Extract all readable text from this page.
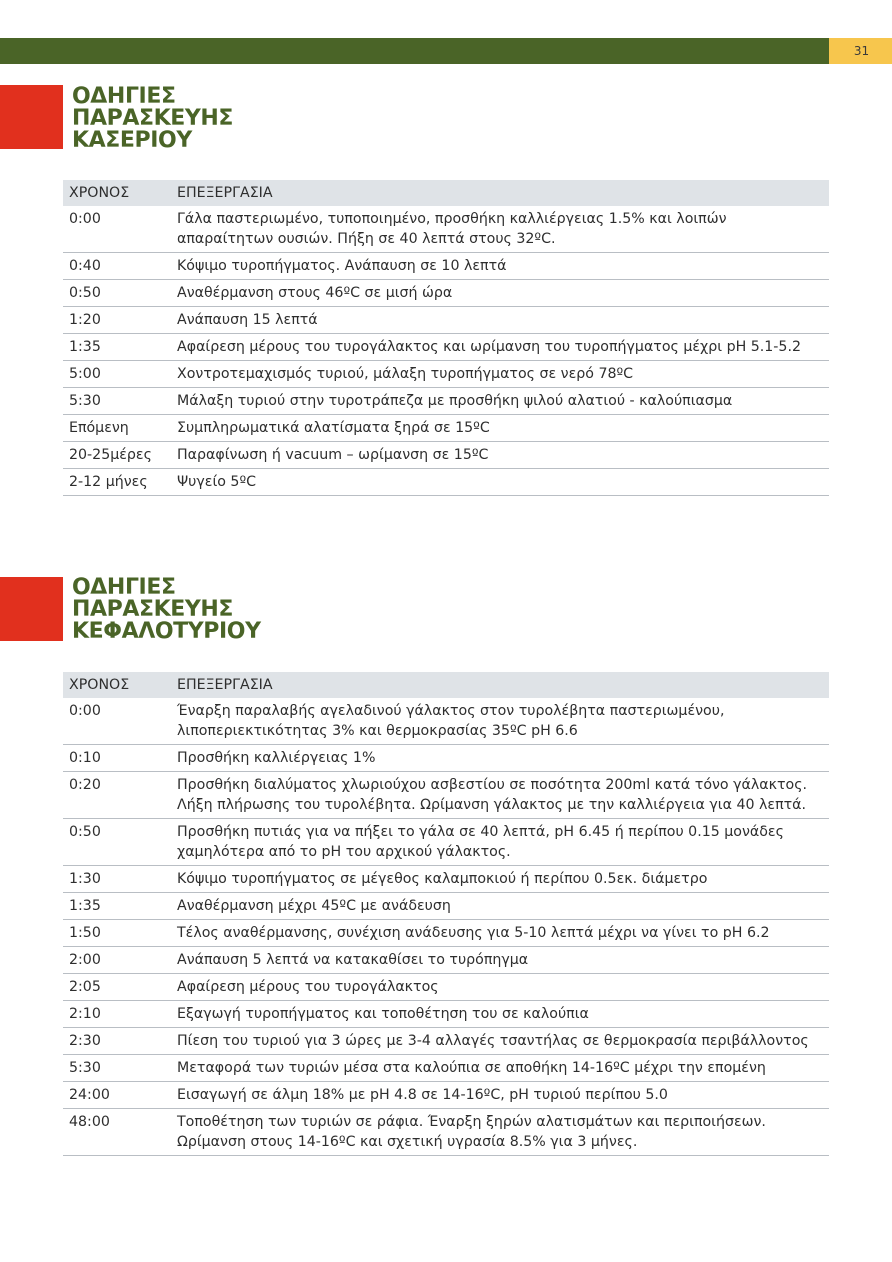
31
ΟΔΗΓΙΕΣ
ΠΑΡΑΣΚΕΥΗΣ
ΚΑΣΕΡΙΟΥ
ΧΡΟΝΟΣ	ΕΠΕΞΕΡΓΑΣΙΑ
0:00	Γάλα παστεριωμένο, τυποποιημένο, προσθήκη καλλιέργειας 1.5% και λοιπών απαραίτητων ουσιών. Πήξη σε 40 λεπτά στους 32ºC.
0:40	Κόψιμο τυροπήγματος. Ανάπαυση σε 10 λεπτά
0:50	Αναθέρμανση στους 46ºC σε μισή ώρα
1:20	Ανάπαυση 15 λεπτά
1:35	Αφαίρεση μέρους του τυρογάλακτος και ωρίμανση του τυροπήγματος μέχρι pH 5.1-5.2
5:00	Χοντροτεμαχισμός τυριού, μάλαξη τυροπήγματος σε νερό 78ºC
5:30	Μάλαξη τυριού στην τυροτράπεζα με προσθήκη ψιλού αλατιού - καλούπιασμα
Επόμενη	Συμπληρωματικά αλατίσματα ξηρά σε 15ºC
20-25μέρες	Παραφίνωση ή vacuum – ωρίμανση σε 15ºC
2-12 μήνες	Ψυγείο 5ºC
ΟΔΗΓΙΕΣ
ΠΑΡΑΣΚΕΥΗΣ
ΚΕΦΑΛΟΤΥΡΙΟΥ
ΧΡΟΝΟΣ	ΕΠΕΞΕΡΓΑΣΙΑ
0:00	Έναρξη παραλαβής αγελαδινού γάλακτος στον τυρολέβητα παστεριωμένου, λιποπεριεκτικότητας 3% και θερμοκρασίας 35ºC pH 6.6
0:10	Προσθήκη καλλιέργειας 1%
0:20	Προσθήκη διαλύματος χλωριούχου ασβεστίου σε ποσότητα 200ml κατά τόνο γάλακτος. Λήξη πλήρωσης του τυρολέβητα. Ωρίμανση γάλακτος με την καλλιέργεια για 40 λεπτά.
0:50	Προσθήκη πυτιάς για να πήξει το γάλα σε 40 λεπτά, pH 6.45 ή περίπου 0.15 μονάδες χαμηλότερα από το pH του αρχικού γάλακτος.
1:30	Κόψιμο τυροπήγματος σε μέγεθος καλαμποκιού ή περίπου 0.5εκ. διάμετρο
1:35	Αναθέρμανση μέχρι 45ºC με ανάδευση
1:50	Τέλος αναθέρμανσης, συνέχιση ανάδευσης για 5-10 λεπτά μέχρι να γίνει το pH 6.2
2:00	Ανάπαυση 5 λεπτά να κατακαθίσει το τυρόπηγμα
2:05	Αφαίρεση μέρους του τυρογάλακτος
2:10	Εξαγωγή τυροπήγματος και τοποθέτηση του σε καλούπια
2:30	Πίεση του τυριού για 3 ώρες με 3-4 αλλαγές τσαντήλας σε θερμοκρασία περιβάλλοντος
5:30	Μεταφορά των τυριών μέσα στα καλούπια σε αποθήκη 14-16ºC μέχρι την επομένη
24:00	Εισαγωγή σε άλμη 18% με pH 4.8 σε 14-16ºC, pH τυριού περίπου 5.0
48:00	Τοποθέτηση των τυριών σε ράφια. Έναρξη ξηρών αλατισμάτων και περιποιήσεων. Ωρίμανση στους 14-16ºC και σχετική υγρασία 8.5% για 3 μήνες.
